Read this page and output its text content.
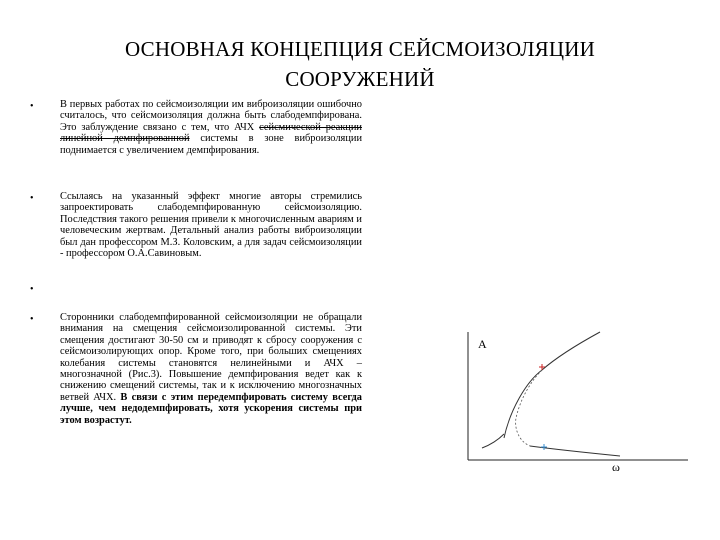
ОСНОВНАЯ КОНЦЕПЦИЯ СЕЙСМОИЗОЛЯЦИИ
СООРУЖЕНИЙ
•
•
•
•
В первых работах по сейсмоизоляции им виброизоляции ошибочно считалось, что сейсмоизоляция должна быть слабодемпфирована. Это заблуждение связано с тем, что АЧХ сейсмической реакции линейной демпфированной системы в зоне виброизоляции поднимается с увеличением демпфирования.
Ссылаясь на указанный эффект многие авторы стремились запроектировать слабодемпфированную сейсмоизоляцию. Последствия такого решения привели к многочисленным авариям и человеческим жертвам. Детальный анализ работы виброизоляции был дан профессором М.З. Коловским, а для задач сейсмоизоляции - профессором О.А.Савиновым.
Сторонники слабодемпфированной сейсмоизоляции не обращали внимания на смещения сейсмоизолированной системы. Эти смещения достигают 30-50 см и приводят к сбросу сооружения с сейсмоизолирующих опор. Кроме того, при больших смещениях колебания системы становятся нелинейными и АЧХ – многозначной (Рис.3). Повышение демпфирования ведет как к снижению смещений системы, так и к исключению многозначных ветвей АЧХ. В связи с этим передемпфировать систему всегда лучше, чем недодемпфировать, хотя ускорения системы при этом возрастут.
A
ω
